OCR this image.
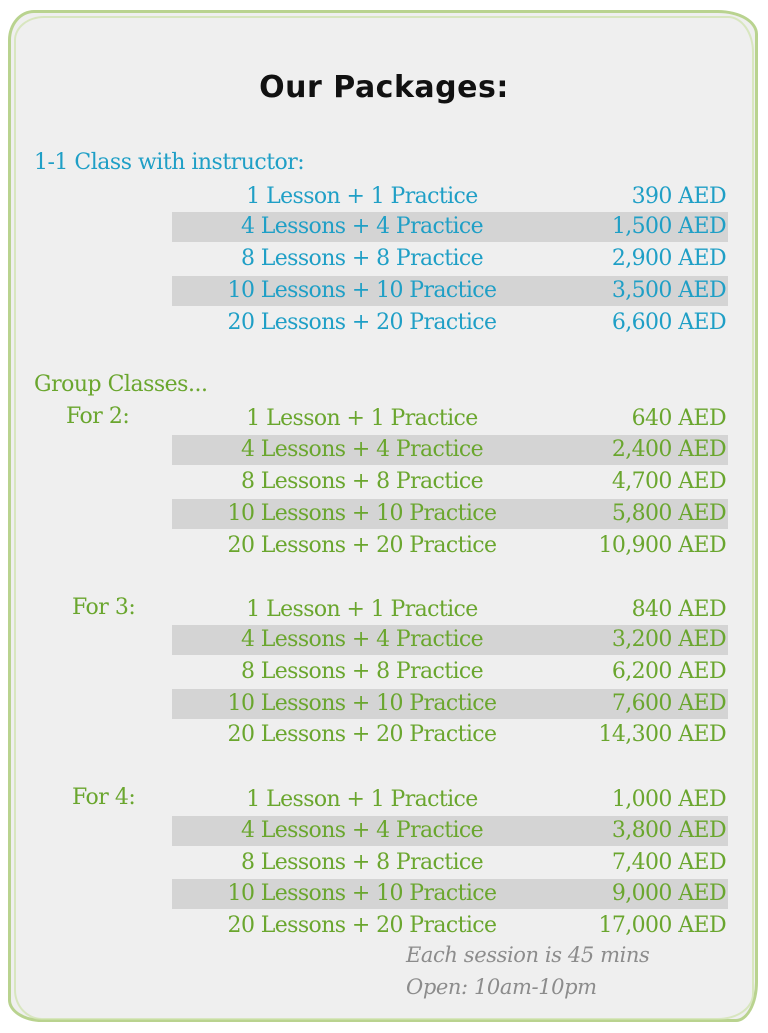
Our Packages:
1-1 Class with instructor:
1 Lesson + 1 Practice	390 AED
4 Lessons + 4 Practice	1,500 AED
8 Lessons + 8 Practice	2,900 AED
10 Lessons + 10 Practice	3,500 AED
20 Lessons + 20 Practice	6,600 AED
Group Classes...
For 2:	1 Lesson + 1 Practice	640 AED
4 Lessons + 4 Practice	2,400 AED
8 Lessons + 8 Practice	4,700 AED
10 Lessons + 10 Practice	5,800 AED
20 Lessons + 20 Practice	10,900 AED
For 3:	1 Lesson + 1 Practice	840 AED
4 Lessons + 4 Practice	3,200 AED
8 Lessons + 8 Practice	6,200 AED
10 Lessons + 10 Practice	7,600 AED
20 Lessons + 20 Practice	14,300 AED
For 4:	1 Lesson + 1 Practice	1,000 AED
4 Lessons + 4 Practice	3,800 AED
8 Lessons + 8 Practice	7,400 AED
10 Lessons + 10 Practice	9,000 AED
20 Lessons + 20 Practice	17,000 AED
Each session is 45 mins
Open: 10am-10pm
